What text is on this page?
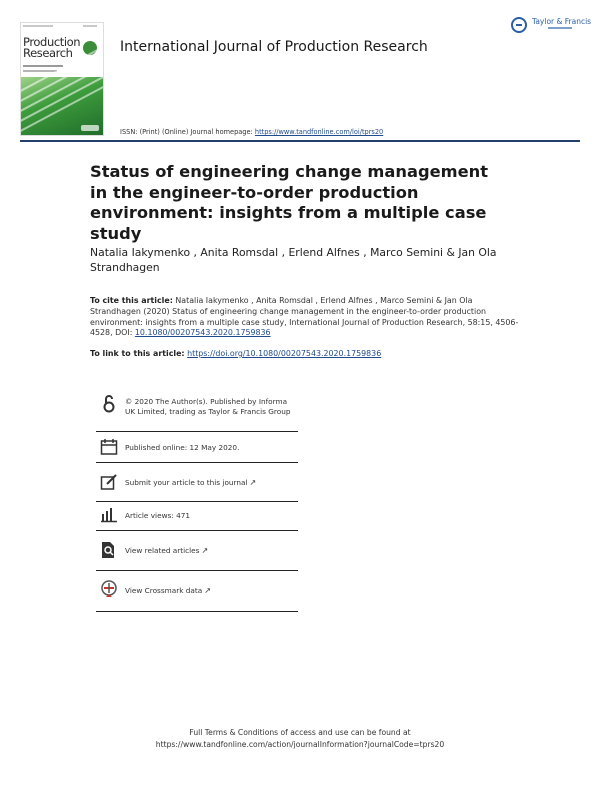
Production
Research	International Journal of Production Research
Taylor & Francis
ISSN: (Print) (Online) Journal homepage: https://www.tandfonline.com/loi/tprs20
Status of engineering change management in the engineer-to-order production environment: insights from a multiple case study
Natalia Iakymenko , Anita Romsdal , Erlend Alfnes , Marco Semini & Jan Ola Strandhagen
To cite this article: Natalia Iakymenko , Anita Romsdal , Erlend Alfnes , Marco Semini & Jan Ola Strandhagen (2020) Status of engineering change management in the engineer-to-order production environment: insights from a multiple case study, International Journal of Production Research, 58:15, 4506-4528, DOI: 10.1080/00207543.2020.1759836
To link to this article: https://doi.org/10.1080/00207543.2020.1759836
© 2020 The Author(s). Published by Informa UK Limited, trading as Taylor & Francis Group
Published online: 12 May 2020.
Submit your article to this journal ↗
Article views: 471
View related articles ↗
View Crossmark data ↗
Full Terms & Conditions of access and use can be found at
https://www.tandfonline.com/action/journalInformation?journalCode=tprs20
